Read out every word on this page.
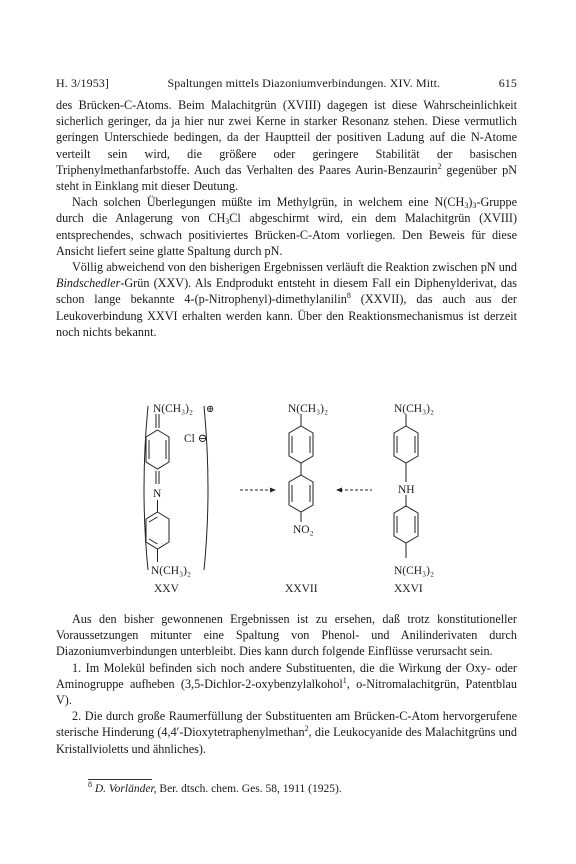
H. 3/1953]	Spaltungen mittels Diazoniumverbindungen. XIV. Mitt.	615

des Brücken-C-Atoms. Beim Malachitgrün (XVIII) dagegen ist diese Wahrscheinlichkeit sicherlich geringer, da ja hier nur zwei Kerne in starker Resonanz stehen. Diese vermutlich geringen Unterschiede bedingen, da der Hauptteil der positiven Ladung auf die N-Atome verteilt sein wird, die größere oder geringere Stabilität der basischen Triphenylmethanfarbstoffe. Auch das Verhalten des Paares Aurin-Benzaurin$^2$ gegenüber pN steht in Einklang mit dieser Deutung.

Nach solchen Überlegungen müßte im Methylgrün, in welchem eine $N(CH_3)_3$-Gruppe durch die Anlagerung von $CH_3Cl$ abgeschirmt wird, ein dem Malachitgrün (XVIII) entsprechendes, schwach positiviertes Brücken-C-Atom vorliegen. Den Beweis für diese Ansicht liefert seine glatte Spaltung durch pN.

Völlig abweichend von den bisherigen Ergebnissen verläuft die Reaktion zwischen pN und Bindschedler-Grün (XXV). Als Endprodukt entsteht in diesem Fall ein Diphenylderivat, das schon lange bekannte 4-(p-Nitrophenyl)-dimethylanilin$^8$ (XXVII), das auch aus der Leukoverbindung XXVI erhalten werden kann. Über den Reaktionsmechanismus ist derzeit noch nichts bekannt.

N(CH₃)₂ ⊕
Cl ⊖
N
N(CH₃)₂
XXV
N(CH₃)₂
NO₂
XXVII
N(CH₃)₂
NH
N(CH₃)₂
XXVI

Aus den bisher gewonnenen Ergebnissen ist zu ersehen, daß trotz konstitutioneller Voraussetzungen mitunter eine Spaltung von Phenol- und Anilinderivaten durch Diazoniumverbindungen unterbleibt. Dies kann durch folgende Einflüsse verursacht sein.

1. Im Molekül befinden sich noch andere Substituenten, die die Wirkung der Oxy- oder Aminogruppe aufheben (3,5-Dichlor-2-oxybenzylalkohol$^1$, o-Nitromalachitgrün, Patentblau V).

2. Die durch große Raumerfüllung der Substituenten am Brücken-C-Atom hervorgerufene sterische Hinderung (4,4′-Dioxytetraphenylmethan$^2$, die Leukocyanide des Malachitgrüns und Kristallvioletts und ähnliches).

$^8$ D. Vorländer, Ber. dtsch. chem. Ges. 58, 1911 (1925).
